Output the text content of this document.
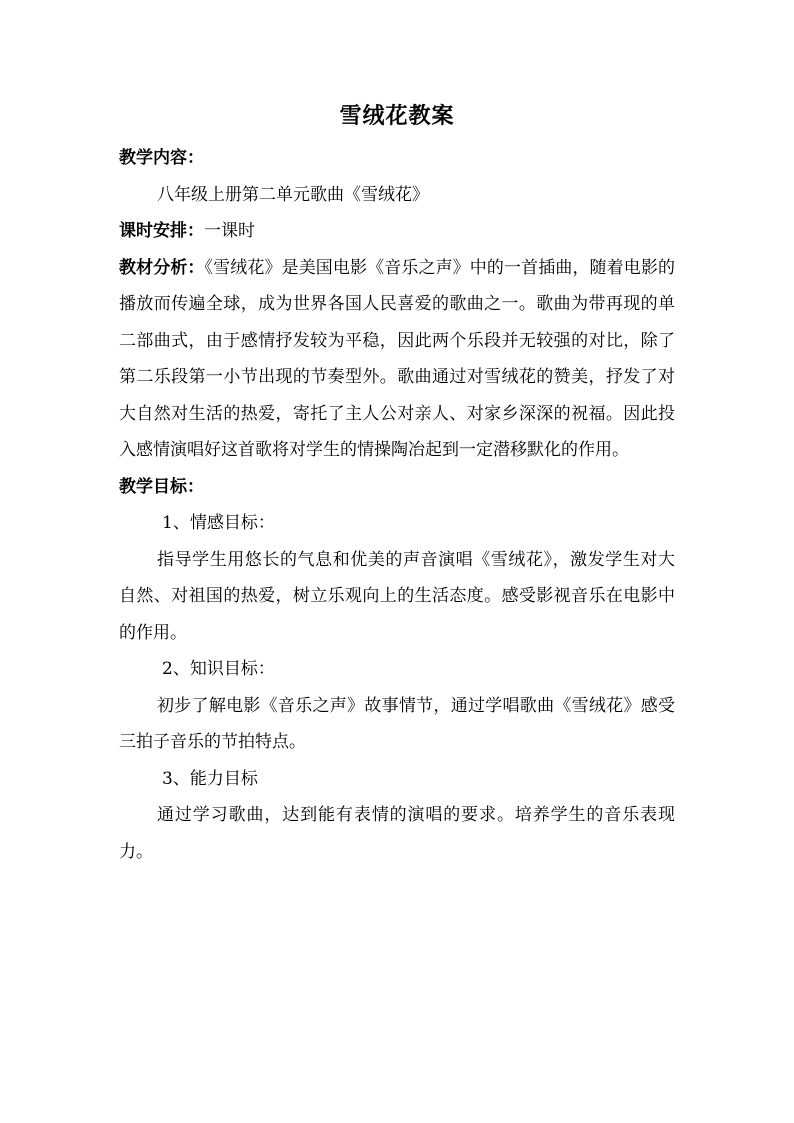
雪绒花教案

教学内容：

八年级上册第二单元歌曲《雪绒花》

课时安排：一课时

教材分析：《雪绒花》是美国电影《音乐之声》中的一首插曲，随着电影的播放而传遍全球，成为世界各国人民喜爱的歌曲之一。歌曲为带再现的单二部曲式，由于感情抒发较为平稳，因此两个乐段并无较强的对比，除了第二乐段第一小节出现的节奏型外。歌曲通过对雪绒花的赞美，抒发了对大自然对生活的热爱，寄托了主人公对亲人、对家乡深深的祝福。因此投入感情演唱好这首歌将对学生的情操陶冶起到一定潜移默化的作用。

教学目标：

1、情感目标：

指导学生用悠长的气息和优美的声音演唱《雪绒花》，激发学生对大自然、对祖国的热爱，树立乐观向上的生活态度。感受影视音乐在电影中的作用。

2、知识目标：

初步了解电影《音乐之声》故事情节，通过学唱歌曲《雪绒花》感受三拍子音乐的节拍特点。

3、能力目标

通过学习歌曲，达到能有表情的演唱的要求。培养学生的音乐表现力。
